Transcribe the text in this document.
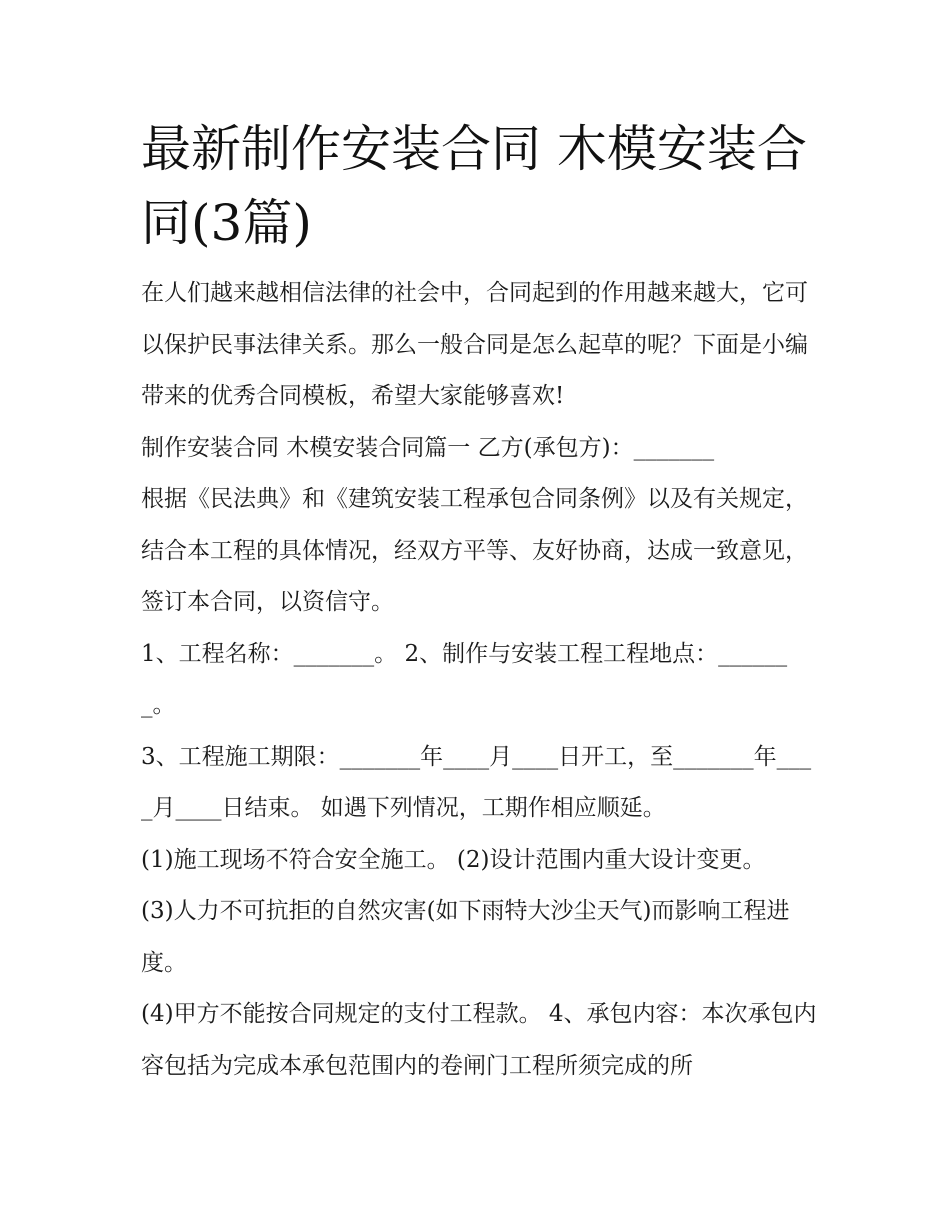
最新制作安装合同 木模安装合同(3篇)

在人们越来越相信法律的社会中，合同起到的作用越来越大，它可以保护民事法律关系。那么一般合同是怎么起草的呢？下面是小编带来的优秀合同模板，希望大家能够喜欢!

制作安装合同 木模安装合同篇一 乙方(承包方)：_______

根据《民法典》和《建筑安装工程承包合同条例》以及有关规定，结合本工程的具体情况，经双方平等、友好协商，达成一致意见，签订本合同，以资信守。

1、工程名称：_______。 2、制作与安装工程工程地点：_______。

3、工程施工期限：_______年____月____日开工，至_______年____月____日结束。 如遇下列情况，工期作相应顺延。

(1)施工现场不符合安全施工。 (2)设计范围内重大设计变更。

(3)人力不可抗拒的自然灾害(如下雨特大沙尘天气)而影响工程进度。

(4)甲方不能按合同规定的支付工程款。 4、承包内容：本次承包内容包括为完成本承包范围内的卷闸门工程所须完成的所
